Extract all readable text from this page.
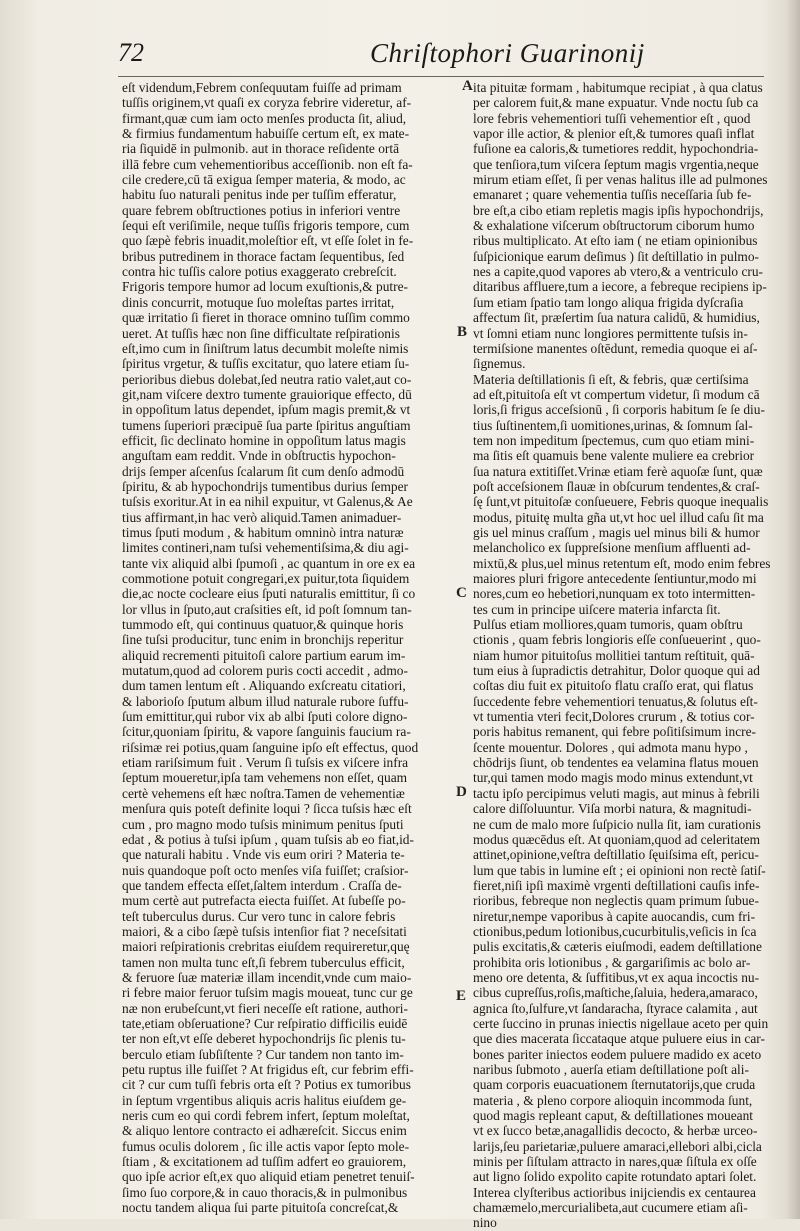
72	Chriſtophori Guarinonij
A
B
C
D
E
eſt videndum,Febrem conſequutam fuiſſe ad primam
tuſſis originem,vt quaſi ex coryza febrire videretur, af-
firmant,quæ cum iam octo menſes producta ſit, aliud,
& firmius fundamentum habuiſſe certum eſt, ex mate-
ria ſiquidē in pulmonib. aut in thorace reſidente ortā
illā febre cum vehementioribus acceſſionib. non eſt fa-
cile credere,cū tā exigua ſemper materia, & modo, ac
habitu ſuo naturali penitus inde per tuſſim efferatur,
quare febrem obſtructiones potius in inferiori ventre
ſequi eſt veriſimile, neque tuſſis frigoris tempore, cum
quo ſæpè febris inuadit,moleſtior eſt, vt eſſe ſolet in fe-
bribus putredinem in thorace factam ſequentibus, ſed
contra hic tuſſis calore potius exaggerato crebreſcit.
Frigoris tempore humor ad locum exuſtionis,& putre-
dinis concurrit, motuque ſuo moleſtas partes irritat,
quæ irritatio ſi fieret in thorace omnino tuſſim commo
ueret. At tuſſis hæc non ſine difficultate reſpirationis
eſt,imo cum in ſiniſtrum latus decumbit moleſte nimis
ſpiritus vrgetur, & tuſſis excitatur, quo latere etiam ſu-
perioribus diebus dolebat,ſed neutra ratio valet,aut co-
git,nam viſcere dextro tumente grauiorique effecto, dū
in oppoſitum latus dependet, ipſum magis premit,& vt
tumens ſuperiori præcipuē ſua parte ſpiritus anguſtiam
efficit, ſic declinato homine in oppoſitum latus magis
anguſtam eam reddit. Vnde in obſtructis hypochon-
drijs ſemper aſcenſus ſcalarum ſit cum denſo admodū
ſpiritu, & ab hypochondrijs tumentibus durius ſemper
tuſsis exoritur.At in ea nihil expuitur, vt Galenus,& Ae
tius affirmant,in hac verò aliquid.Tamen animaduer-
timus ſputi modum , & habitum omninò intra naturæ
limites contineri,nam tuſsi vehementiſsima,& diu agi-
tante vix aliquid albi ſpumoſi , ac quantum in ore ex ea
commotione potuit congregari,ex puitur,tota ſiquidem
die,ac nocte cocleare eius ſputi naturalis emittitur, ſi co
lor vllus in ſputo,aut craſsities eſt, id poſt ſomnum tan-
tummodo eſt, qui continuus quatuor,& quinque horis
ſine tuſsi producitur, tunc enim in bronchijs reperitur
aliquid recrementi pituitoſi calore partium earum im-
mutatum,quod ad colorem puris cocti accedit , admo-
dum tamen lentum eſt . Aliquando exſcreatu citatiori,
& laborioſo ſputum album illud naturale rubore ſuffu-
ſum emittitur,qui rubor vix ab albi ſputi colore digno-
ſcitur,quoniam ſpiritu, & vapore ſanguinis faucium ra-
riſsimæ rei potius,quam ſanguine ipſo eſt effectus, quod
etiam rariſsimum fuit . Verum ſi tuſsis ex viſcere infra
ſeptum moueretur,ipſa tam vehemens non eſſet, quam
certè vehemens eſt hæc noſtra.Tamen de vehementiæ
menſura quis poteſt definite loqui ? ſicca tuſsis hæc eſt
cum , pro magno modo tuſsis minimum penitus ſputi
edat , & potius à tuſsi ipſum , quam tuſsis ab eo fiat,id-
que naturali habitu . Vnde vis eum oriri ? Materia te-
nuis quandoque poſt octo menſes viſa fuiſſet; craſsior-
que tandem effecta eſſet,ſaltem interdum . Craſſa de-
mum certè aut putrefacta eiecta fuiſſet. At ſubeſſe po-
teſt tuberculus durus. Cur vero tunc in calore febris
maiori, & a cibo ſæpè tuſsis intenſior fiat ? neceſsitati
maiori reſpirationis crebritas eiuſdem requireretur,quę
tamen non multa tunc eſt,ſi febrem tuberculus efficit,
& feruore ſuæ materiæ illam incendit,vnde cum maio-
ri febre maior feruor tuſsim magis moueat, tunc cur ge
næ non erubeſcunt,vt fieri neceſſe eſt ratione, authori-
tate,etiam obſeruatione? Cur reſpiratio difficilis euidē
ter non eſt,vt eſſe deberet hypochondrijs ſic plenis tu-
berculo etiam ſubſiſtente ? Cur tandem non tanto im-
petu ruptus ille fuiſſet ? At frigidus eſt, cur febrim effi-
cit ? cur cum tuſſi febris orta eſt ? Potius ex tumoribus
in ſeptum vrgentibus aliquis acris halitus eiuſdem ge-
neris cum eo qui cordi febrem infert, ſeptum moleſtat,
& aliquo lentore contracto ei adhæreſcit. Siccus enim
fumus oculis dolorem , ſic ille actis vapor ſepto mole-
ſtiam , & excitationem ad tuſſim adfert eo grauiorem,
quo ipſe acrior eſt,ex quo aliquid etiam penetret tenuiſ-
ſimo ſuo corpore,& in cauo thoracis,& in pulmonibus
noctu tandem aliqua ſui parte pituitoſa concreſcat,&
ita pituitæ formam , habitumque recipiat , à qua clatus
per calorem fuit,& mane expuatur. Vnde noctu ſub ca
lore febris vehementiori tuſſi vehementior eſt , quod
vapor ille actior, & plenior eſt,& tumores quaſi inflat
fuſione ea caloris,& tumetiores reddit, hypochondria-
que tenſiora,tum viſcera ſeptum magis vrgentia,neque
mirum etiam eſſet, ſi per venas halitus ille ad pulmones
emanaret ; quare vehementia tuſſis neceſſaria ſub fe-
bre eſt,a cibo etiam repletis magis ipſis hypochondrijs,
& exhalatione viſcerum obſtructorum ciborum humo
ribus multiplicato. At eſto iam ( ne etiam opinionibus
ſuſpicionique earum deſimus ) ſit deſtillatio in pulmo-
nes a capite,quod vapores ab vtero,& a ventriculo cru-
ditaribus affluere,tum a iecore, a febreque recipiens ip-
ſum etiam ſpatio tam longo aliqua frigida dyſcraſia
affectum ſit, præſertim ſua natura calidū, & humidius,
vt ſomni etiam nunc longiores permittente tuſsis in-
termiſsione manentes oſtēdunt, remedia quoque ei aſ-
ſignemus.
Materia deſtillationis ſi eſt, & febris, quæ certiſsima
ad eſt,pituitoſa eſt vt compertum videtur, ſi modum cā
loris,ſi frigus acceſsionū , ſi corporis habitum ſe ſe diu-
tius ſuſtinentem,ſi uomitiones,urinas, & ſomnum ſal-
tem non impeditum ſpectemus, cum quo etiam mini-
ma ſitis eſt quamuis bene valente muliere ea crebrior
ſua natura extitiſſet.Vrinæ etiam ferè aquoſæ ſunt, quæ
poſt acceſsionem ſlauæ in obſcurum tendentes,& craſ-
ſę ſunt,vt pituitoſæ conſueuere, Febris quoque inequalis
modus, pituitę multa gña ut,vt hoc uel illud caſu ſit ma
gis uel minus craſſum , magis uel minus bili & humor
melancholico ex ſuppreſsione menſium affluenti ad-
mixtū,& plus,uel minus retentum eſt, modo enim febres
maiores pluri frigore antecedente ſentiuntur,modo mi
nores,cum eo hebetiori,nunquam ex toto intermitten-
tes cum in principe uiſcere materia infarcta ſit.
Pulſus etiam molliores,quam tumoris, quam obſtru
ctionis , quam febris longioris eſſe conſueuerint , quo-
niam humor pituitoſus mollitiei tantum reſtituit, quā-
tum eius à ſupradictis detrahitur, Dolor quoque qui ad
coſtas diu fuit ex pituitoſo flatu craſſo erat, qui flatus
ſuccedente febre vehementiori tenuatus,& ſolutus eſt-
vt tumentia vteri fecit,Dolores crurum , & totius cor-
poris habitus remanent, qui febre poſitiſsimum incre-
ſcente mouentur. Dolores , qui admota manu hypo ,
chōdrijs ſiunt, ob tendentes ea velamina flatus mouen
tur,qui tamen modo magis modo minus extendunt,vt
tactu ipſo percipimus veluti magis, aut minus à febrili
calore diſſoluuntur. Viſa morbi natura, & magnitudi-
ne cum de malo more ſuſpicio nulla ſit, iam curationis
modus quæcēdus eſt. At quoniam,quod ad celeritatem
attinet,opinione,veſtra deſtillatio ſęuiſsima eſt, pericu-
lum que tabis in lumine eſt ; ei opinioni non rectè ſatiſ-
fieret,niſi ipſi maximè vrgenti deſtillationi cauſis infe-
rioribus, febreque non neglectis quam primum ſubue-
niretur,nempe vaporibus à capite auocandis, cum fri-
ctionibus,pedum lotionibus,cucurbitulis,veſicis in ſca
pulis excitatis,& cæteris eiuſmodi, eadem deſtillatione
prohibita oris lotionibus , & gargariſimis ac bolo ar-
meno ore detenta, & ſuffitibus,vt ex aqua incoctis nu-
cibus cupreſſus,roſis,maſtiche,ſaluia, hedera,amaraco,
agnica ſto,ſulfure,vt ſandaracha, ſtyrace calamita , aut
certe ſuccino in prunas iniectis nigellaue aceto per quin
que dies macerata ſiccataque atque puluere eius in car-
bones pariter iniectos eodem puluere madido ex aceto
naribus ſubmoto , auerſa etiam deſtillatione poſt ali-
quam corporis euacuationem ſternutatorijs,que cruda
materia , & pleno corpore alioquin incommoda ſunt,
quod magis repleant caput, & deſtillationes moueant
vt ex ſucco betæ,anagallidis decocto, & herbæ urceo-
larijs,ſeu parietariæ,puluere amaraci,ellebori albi,cicla
minis per ſiſtulam attracto in nares,quæ ſiſtula ex oſſe
aut ligno ſolido expolito capite rotundato aptari ſolet.
Interea clyſteribus actioribus inijciendis ex centaurea
chamæmelo,mercurialibeta,aut cucumere etiam aſi-
nino
